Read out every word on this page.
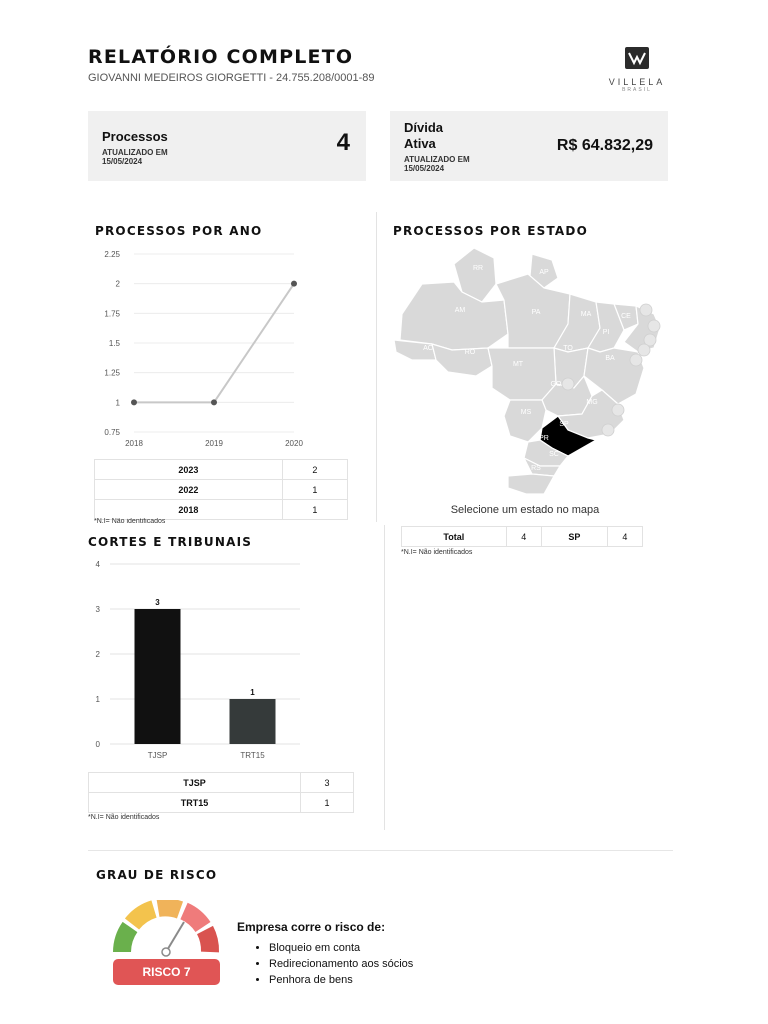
RELATÓRIO COMPLETO
GIOVANNI MEDEIROS GIORGETTI - 24.755.208/0001-89	VILLELA
BRASIL
Processos
ATUALIZADO EM
15/05/2024
4
Dívida
Ativa
ATUALIZADO EM
15/05/2024
R$ 64.832,29
PROCESSOS POR ANO
0.75
1
1.25
1.5
1.75
2
2.25
2018	2019	2020
2023	2
2022	1
2018	1
*N.I= Não identificados
PROCESSOS POR ESTADO
RR
AP
AM	PA	MA	CE
PI
AC
RO
TO
MT
BA
GO
MG
MS
SP
PR
SC
RS
Selecione um estado no mapa
Total	4	SP	4
*N.I= Não identificados
CORTES E TRIBUNAIS
0
1
2
3
4
3
TJSP
1
TRT15
TJSP	3
TRT15	1
*N.I= Não identificados
GRAU DE RISCO
RISCO 7
Empresa corre o risco de:
• Bloqueio em conta
• Redirecionamento aos sócios
• Penhora de bens
